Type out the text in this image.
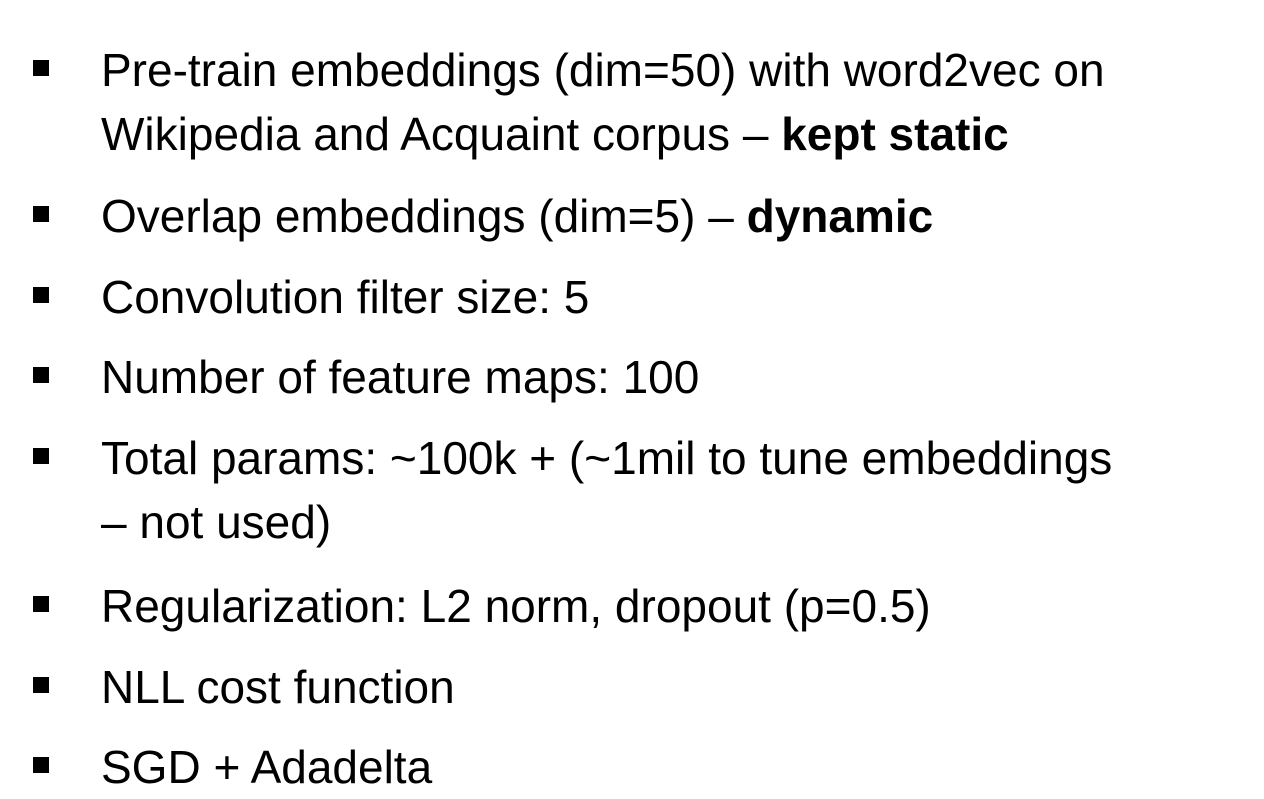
Pre-train embeddings (dim=50) with word2vec on
Wikipedia and Acquaint corpus – kept static
Overlap embeddings (dim=5) – dynamic
Convolution filter size: 5
Number of feature maps: 100
Total params: ~100k + (~1mil to tune embeddings
– not used)
Regularization: L2 norm, dropout (p=0.5)
NLL cost function
SGD + Adadelta
